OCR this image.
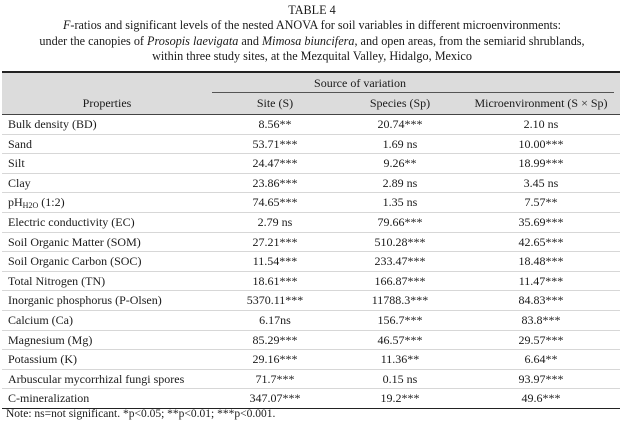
TABLE 4
F-ratios and significant levels of the nested ANOVA for soil variables in different microenvironments:
under the canopies of Prosopis laevigata and Mimosa biuncifera, and open areas, from the semiarid shrublands,
within three study sites, at the Mezquital Valley, Hidalgo, Mexico
Source of variation
Properties	Site (S)	Species (Sp)	Microenvironment (S × Sp)
Bulk density (BD)	8.56**	20.74***	2.10 ns
Sand	53.71***	1.69 ns	10.00***
Silt	24.47***	9.26**	18.99***
Clay	23.86***	2.89 ns	3.45 ns
$pH_{H2O}$ (1:2)	74.65***	1.35 ns	7.57**
Electric conductivity (EC)	2.79 ns	79.66***	35.69***
Soil Organic Matter (SOM)	27.21***	510.28***	42.65***
Soil Organic Carbon (SOC)	11.54***	233.47***	18.48***
Total Nitrogen (TN)	18.61***	166.87***	11.47***
Inorganic phosphorus (P-Olsen)	5370.11***	11788.3***	84.83***
Calcium (Ca)	6.17ns	156.7***	83.8***
Magnesium (Mg)	85.29***	46.57***	29.57***
Potassium (K)	29.16***	11.36**	6.64**
Arbuscular mycorrhizal fungi spores	71.7***	0.15 ns	93.97***
C-mineralization	347.07***	19.2***	49.6***
Note: ns=not significant. *p<0.05; **p<0.01; ***p<0.001.
